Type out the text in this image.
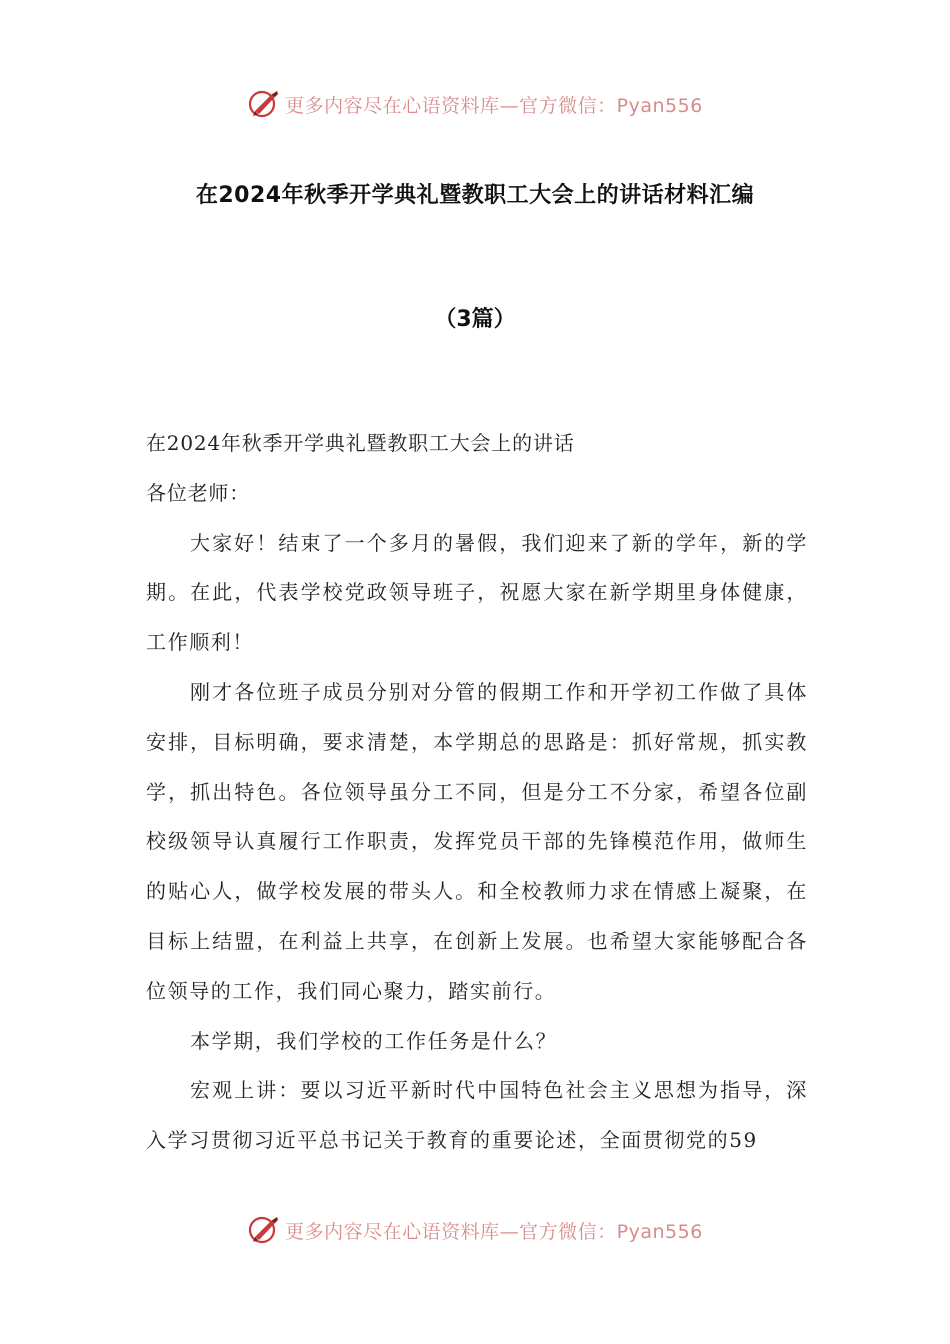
更多内容尽在心语资料库—官方微信：Pyan556
在2024年秋季开学典礼暨教职工大会上的讲话材料汇编
（3篇）

在2024年秋季开学典礼暨教职工大会上的讲话

各位老师：

大家好！结束了一个多月的暑假，我们迎来了新的学年，新的学期。在此，代表学校党政领导班子，祝愿大家在新学期里身体健康，工作顺利！

刚才各位班子成员分别对分管的假期工作和开学初工作做了具体安排，目标明确，要求清楚，本学期总的思路是：抓好常规，抓实教学，抓出特色。各位领导虽分工不同，但是分工不分家，希望各位副校级领导认真履行工作职责，发挥党员干部的先锋模范作用，做师生的贴心人，做学校发展的带头人。和全校教师力求在情感上凝聚，在目标上结盟，在利益上共享，在创新上发展。也希望大家能够配合各位领导的工作，我们同心聚力，踏实前行。

本学期，我们学校的工作任务是什么？

宏观上讲：要以习近平新时代中国特色社会主义思想为指导，深入学习贯彻习近平总书记关于教育的重要论述，全面贯彻党的59

更多内容尽在心语资料库—官方微信：Pyan556
